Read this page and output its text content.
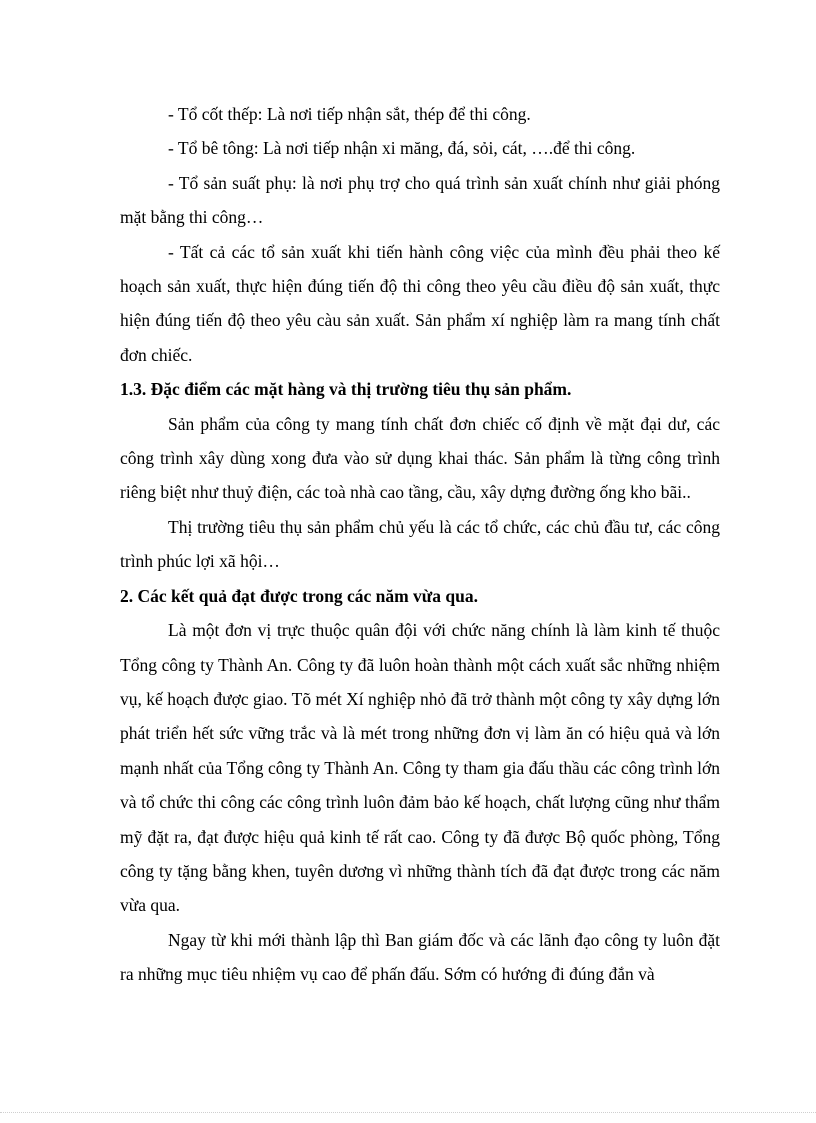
- Tổ cốt thếp: Là nơi tiếp nhận sắt, thép để thi công.

- Tổ bê tông: Là nơi tiếp nhận xi măng, đá, sỏi, cát, ….để thi công.

- Tổ sản suất phụ: là nơi phụ trợ cho quá trình sản xuất chính như giải phóng mặt bằng thi công…

- Tất cả các tổ sản xuất khi tiến hành công việc của mình đều phải theo kế hoạch sản xuất, thực hiện đúng tiến độ thi công theo yêu cầu điều độ sản xuất, thực hiện đúng tiến độ theo yêu càu sản xuất. Sản phẩm xí nghiệp làm ra mang tính chất đơn chiếc.

1.3. Đặc điểm các mặt hàng và thị trường tiêu thụ sản phẩm.

Sản phẩm của công ty mang tính chất đơn chiếc cố định về mặt đại dư, các công trình xây dùng xong đưa vào sử dụng khai thác. Sản phẩm là từng công trình riêng biệt như thuỷ điện, các toà nhà cao tầng, cầu, xây dựng đường ống kho bãi..

Thị trường tiêu thụ sản phẩm chủ yếu là các tổ chức, các chủ đầu tư, các công trình phúc lợi xã hội…

2. Các kết quả đạt được trong các năm vừa qua.

Là một đơn vị trực thuộc quân đội với chức năng chính là làm kinh tế thuộc Tổng công ty Thành An. Công ty đã luôn hoàn thành một cách xuất sắc những nhiệm vụ, kế hoạch được giao. Tõ mét Xí nghiệp nhỏ đã trở thành một công ty xây dựng lớn phát triển hết sức vững trắc và là mét trong những đơn vị làm ăn có hiệu quả và lớn mạnh nhất của Tổng công ty Thành An. Công ty tham gia đấu thầu các công trình lớn và tổ chức thi công các công trình luôn đảm bảo kế hoạch, chất lượng cũng như thẩm mỹ đặt ra, đạt được hiệu quả kinh tế rất cao. Công ty đã được Bộ quốc phòng, Tổng công ty tặng bằng khen, tuyên dương vì những thành tích đã đạt được trong các năm vừa qua.

Ngay từ khi mới thành lập thì Ban giám đốc và các lãnh đạo công ty luôn đặt ra những mục tiêu nhiệm vụ cao để phấn đấu. Sớm có hướng đi đúng đắn và
